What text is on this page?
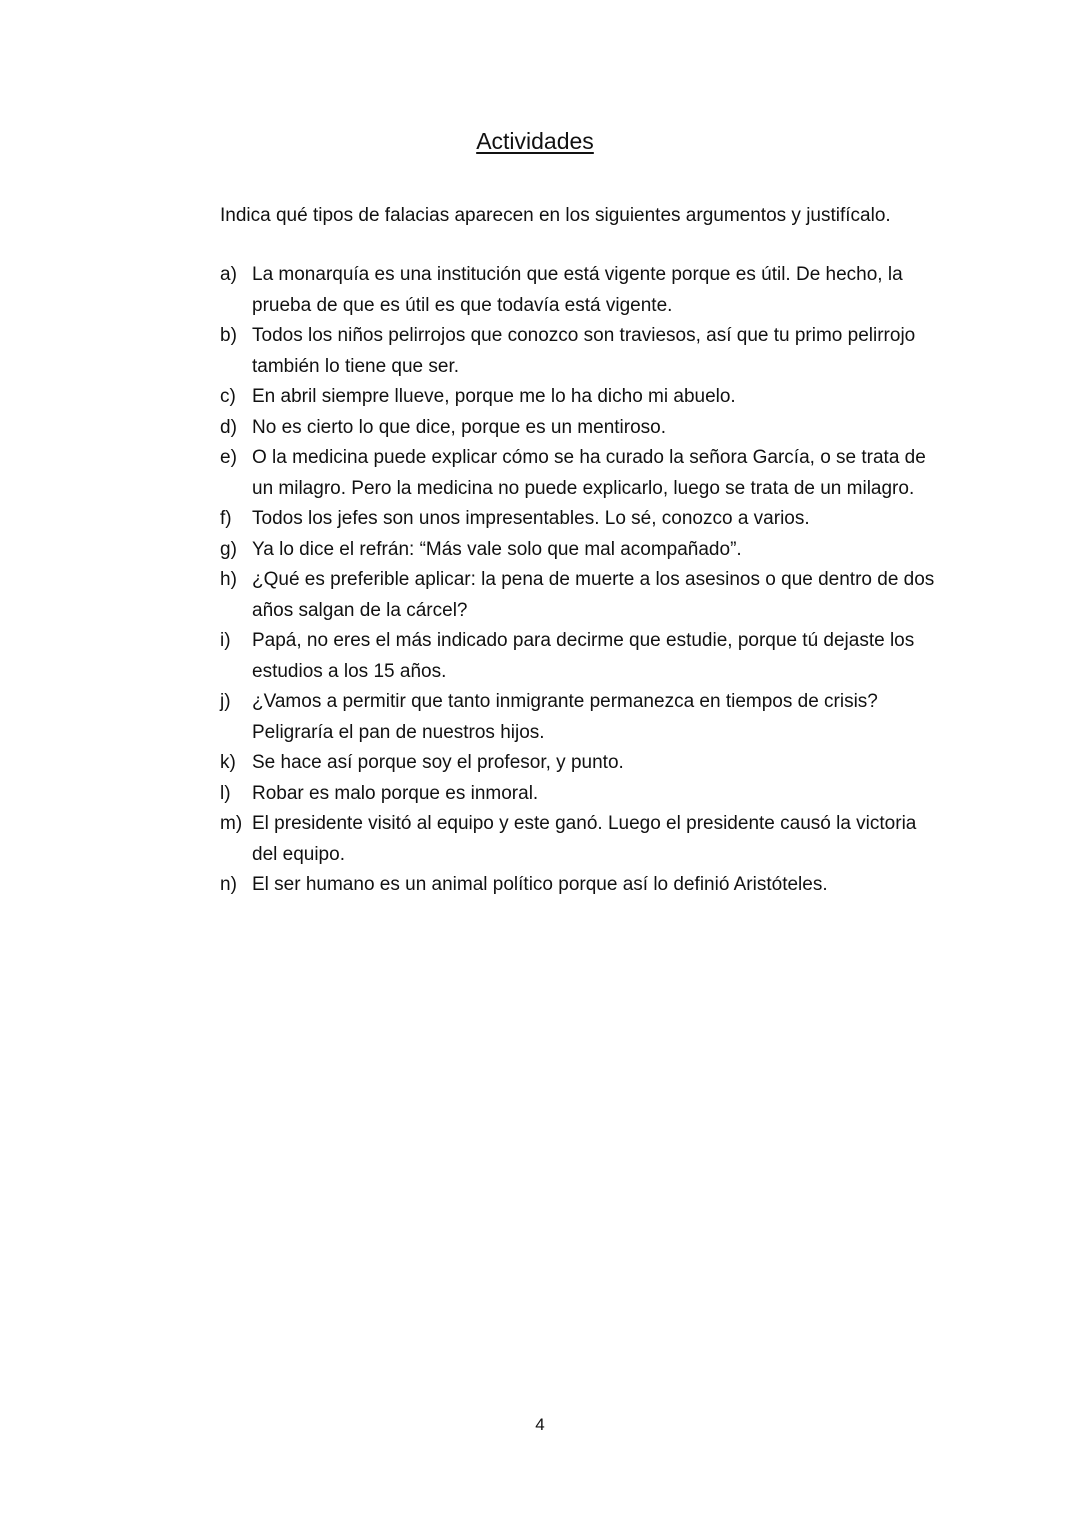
Actividades

Indica qué tipos de falacias aparecen en los siguientes argumentos y justifícalo.

a) La monarquía es una institución que está vigente porque es útil. De hecho, la prueba de que es útil es que todavía está vigente.
b) Todos los niños pelirrojos que conozco son traviesos, así que tu primo pelirrojo también lo tiene que ser.
c) En abril siempre llueve, porque me lo ha dicho mi abuelo.
d) No es cierto lo que dice, porque es un mentiroso.
e) O la medicina puede explicar cómo se ha curado la señora García, o se trata de un milagro. Pero la medicina no puede explicarlo, luego se trata de un milagro.
f)	Todos los jefes son unos impresentables. Lo sé, conozco a varios.
g) Ya lo dice el refrán: “Más vale solo que mal acompañado”.
h) ¿Qué es preferible aplicar: la pena de muerte a los asesinos o que dentro de dos años salgan de la cárcel?
i)	Papá, no eres el más indicado para decirme que estudie, porque tú dejaste los estudios a los 15 años.
j)	¿Vamos a permitir que tanto inmigrante permanezca en tiempos de crisis? Peligraría el pan de nuestros hijos.
k) Se hace así porque soy el profesor, y punto.
l)	Robar es malo porque es inmoral.
m) El presidente visitó al equipo y este ganó. Luego el presidente causó la victoria del equipo.
n) El ser humano es un animal político porque así lo definió Aristóteles.

4
